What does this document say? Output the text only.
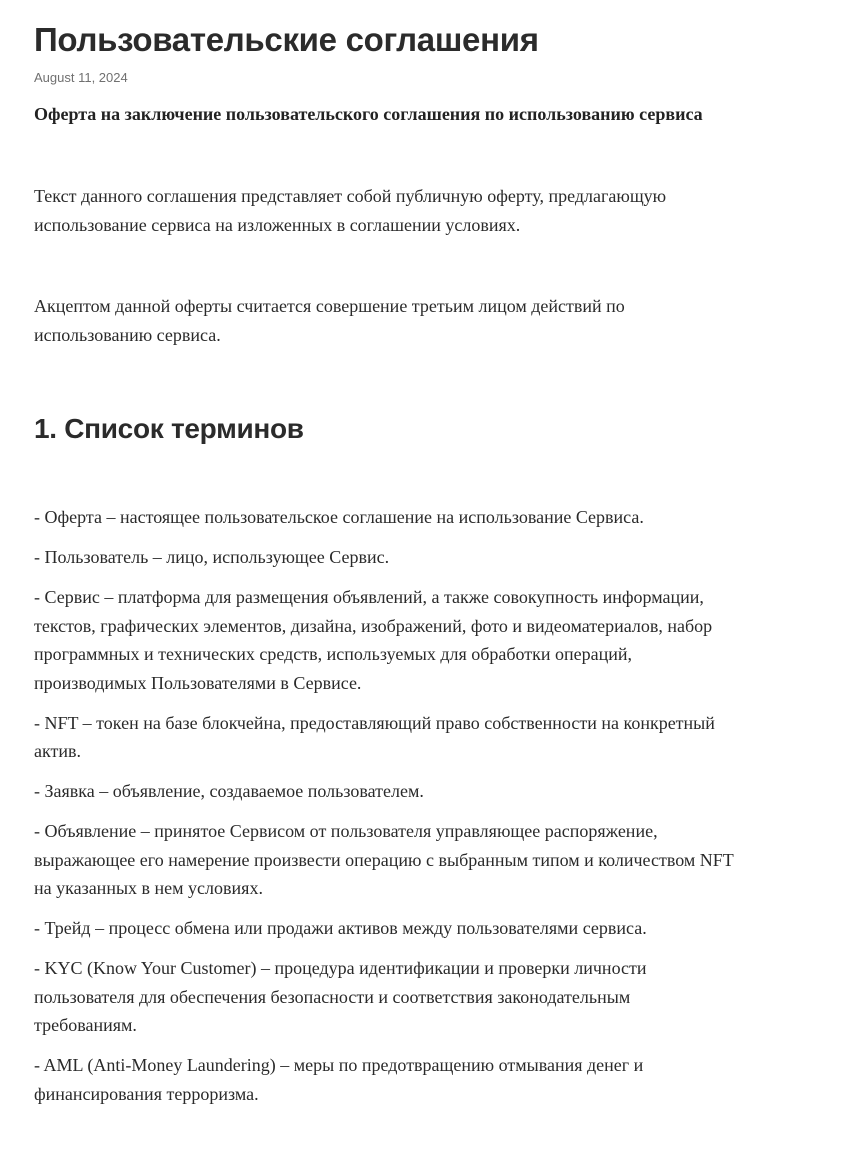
Пользовательские соглашения
August 11, 2024
Оферта на заключение пользовательского соглашения по использованию сервиса

Текст данного соглашения представляет собой публичную оферту, предлагающую использование сервиса на изложенных в соглашении условиях.

Акцептом данной оферты считается совершение третьим лицом действий по использованию сервиса.

1. Список терминов
- Оферта – настоящее пользовательское соглашение на использование Сервиса.
- Пользователь – лицо, использующее Сервис.
- Сервис – платформа для размещения объявлений, а также совокупность информации, текстов, графических элементов, дизайна, изображений, фото и видеоматериалов, набор программных и технических средств, используемых для обработки операций, производимых Пользователями в Сервисе.
- NFT – токен на базе блокчейна, предоставляющий право собственности на конкретный актив.
- Заявка – объявление, создаваемое пользователем.
- Объявление – принятое Сервисом от пользователя управляющее распоряжение, выражающее его намерение произвести операцию с выбранным типом и количеством NFT на указанных в нем условиях.
- Трейд – процесс обмена или продажи активов между пользователями сервиса.
- KYC (Know Your Customer) – процедура идентификации и проверки личности пользователя для обеспечения безопасности и соответствия законодательным требованиям.
- AML (Anti-Money Laundering) – меры по предотвращению отмывания денег и финансирования терроризма.
